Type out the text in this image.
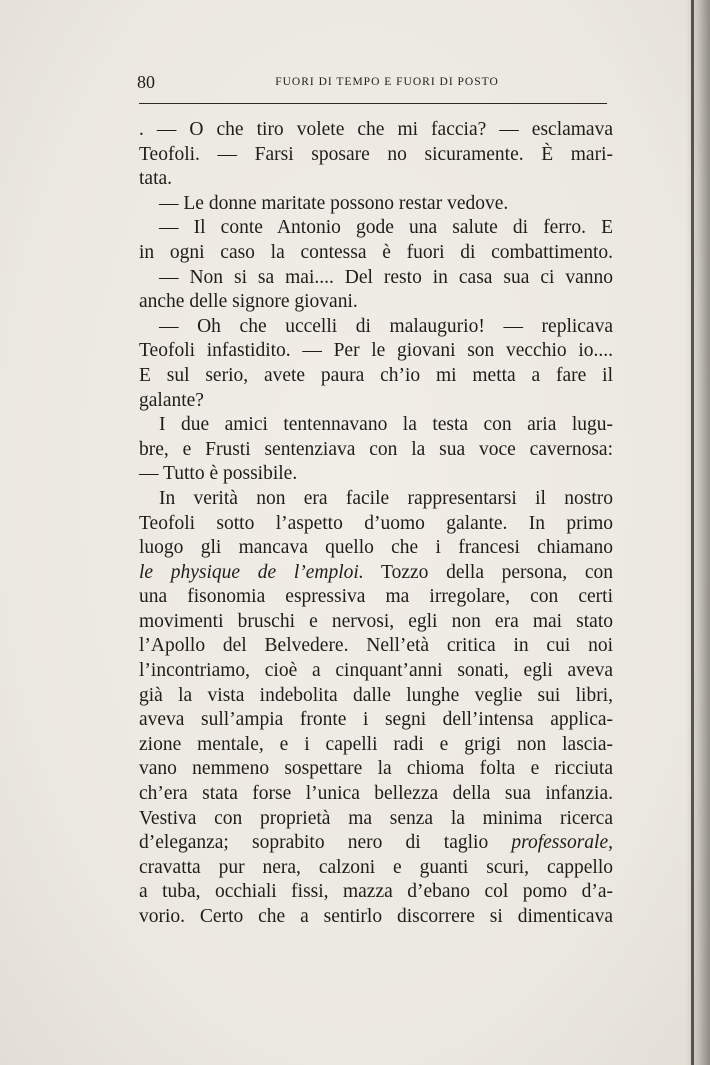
80	FUORI DI TEMPO E FUORI DI POSTO
. — O che tiro volete che mi faccia? — esclamava
Teofoli. — Farsi sposare no sicuramente. È mari-
tata.
— Le donne maritate possono restar vedove.
— Il conte Antonio gode una salute di ferro. E
in ogni caso la contessa è fuori di combattimento.
— Non si sa mai.... Del resto in casa sua ci vanno
anche delle signore giovani.
— Oh che uccelli di malaugurio! — replicava
Teofoli infastidito. — Per le giovani son vecchio io....
E sul serio, avete paura ch’io mi metta a fare il
galante?
I due amici tentennavano la testa con aria lugu-
bre, e Frusti sentenziava con la sua voce cavernosa:
— Tutto è possibile.
In verità non era facile rappresentarsi il nostro
Teofoli sotto l’aspetto d’uomo galante. In primo
luogo gli mancava quello che i francesi chiamano
le physique de l’emploi. Tozzo della persona, con
una fisonomia espressiva ma irregolare, con certi
movimenti bruschi e nervosi, egli non era mai stato
l’Apollo del Belvedere. Nell’età critica in cui noi
l’incontriamo, cioè a cinquant’anni sonati, egli aveva
già la vista indebolita dalle lunghe veglie sui libri,
aveva sull’ampia fronte i segni dell’intensa applica-
zione mentale, e i capelli radi e grigi non lascia-
vano nemmeno sospettare la chioma folta e ricciuta
ch’era stata forse l’unica bellezza della sua infanzia.
Vestiva con proprietà ma senza la minima ricerca
d’eleganza; soprabito nero di taglio professorale,
cravatta pur nera, calzoni e guanti scuri, cappello
a tuba, occhiali fissi, mazza d’ebano col pomo d’a-
vorio. Certo che a sentirlo discorrere si dimenticava
